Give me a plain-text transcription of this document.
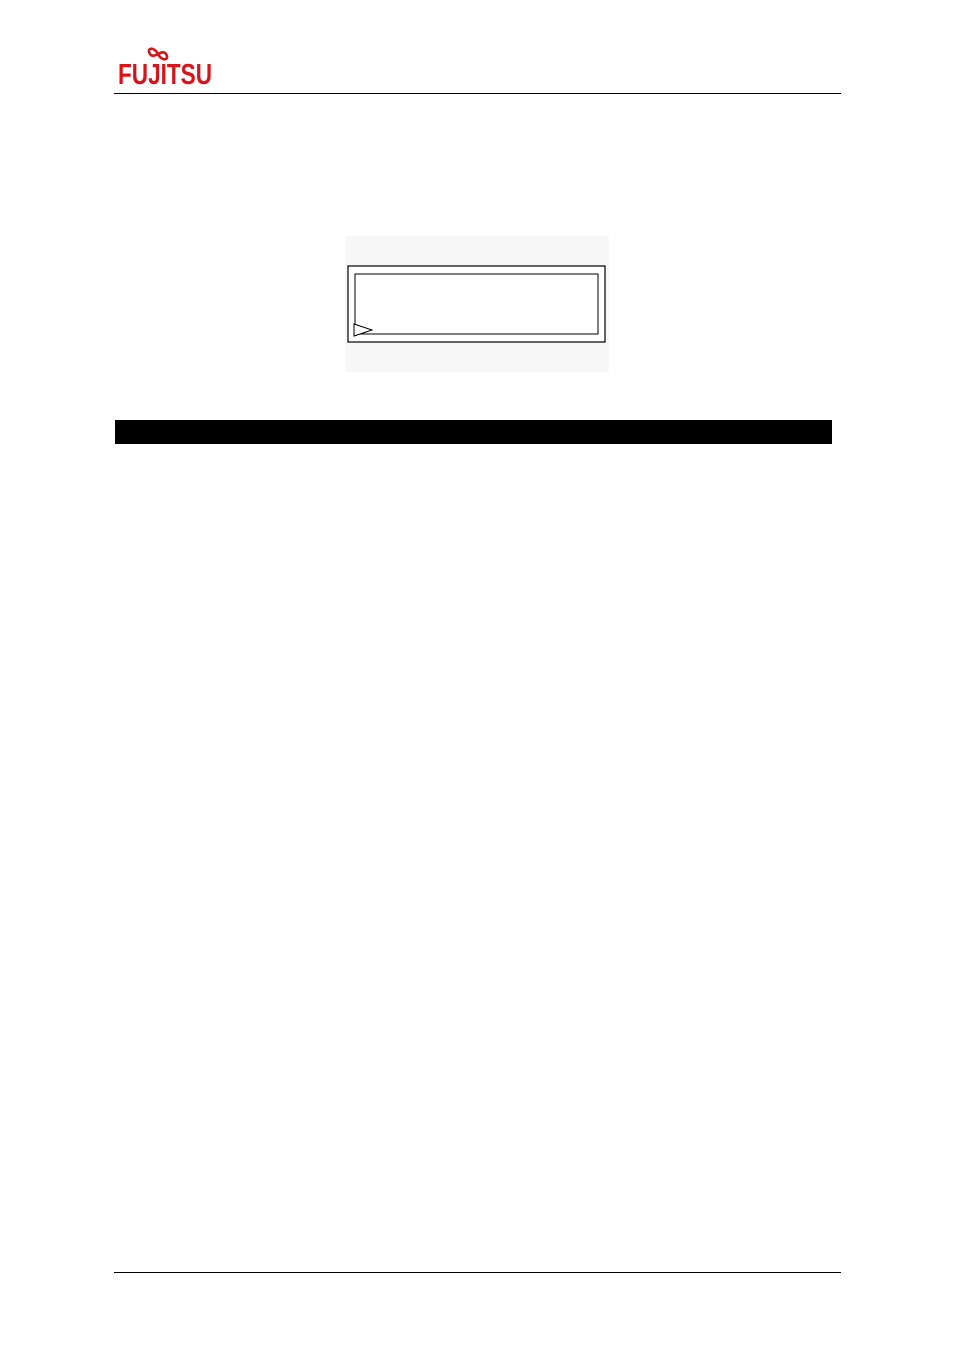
FUJITSU
